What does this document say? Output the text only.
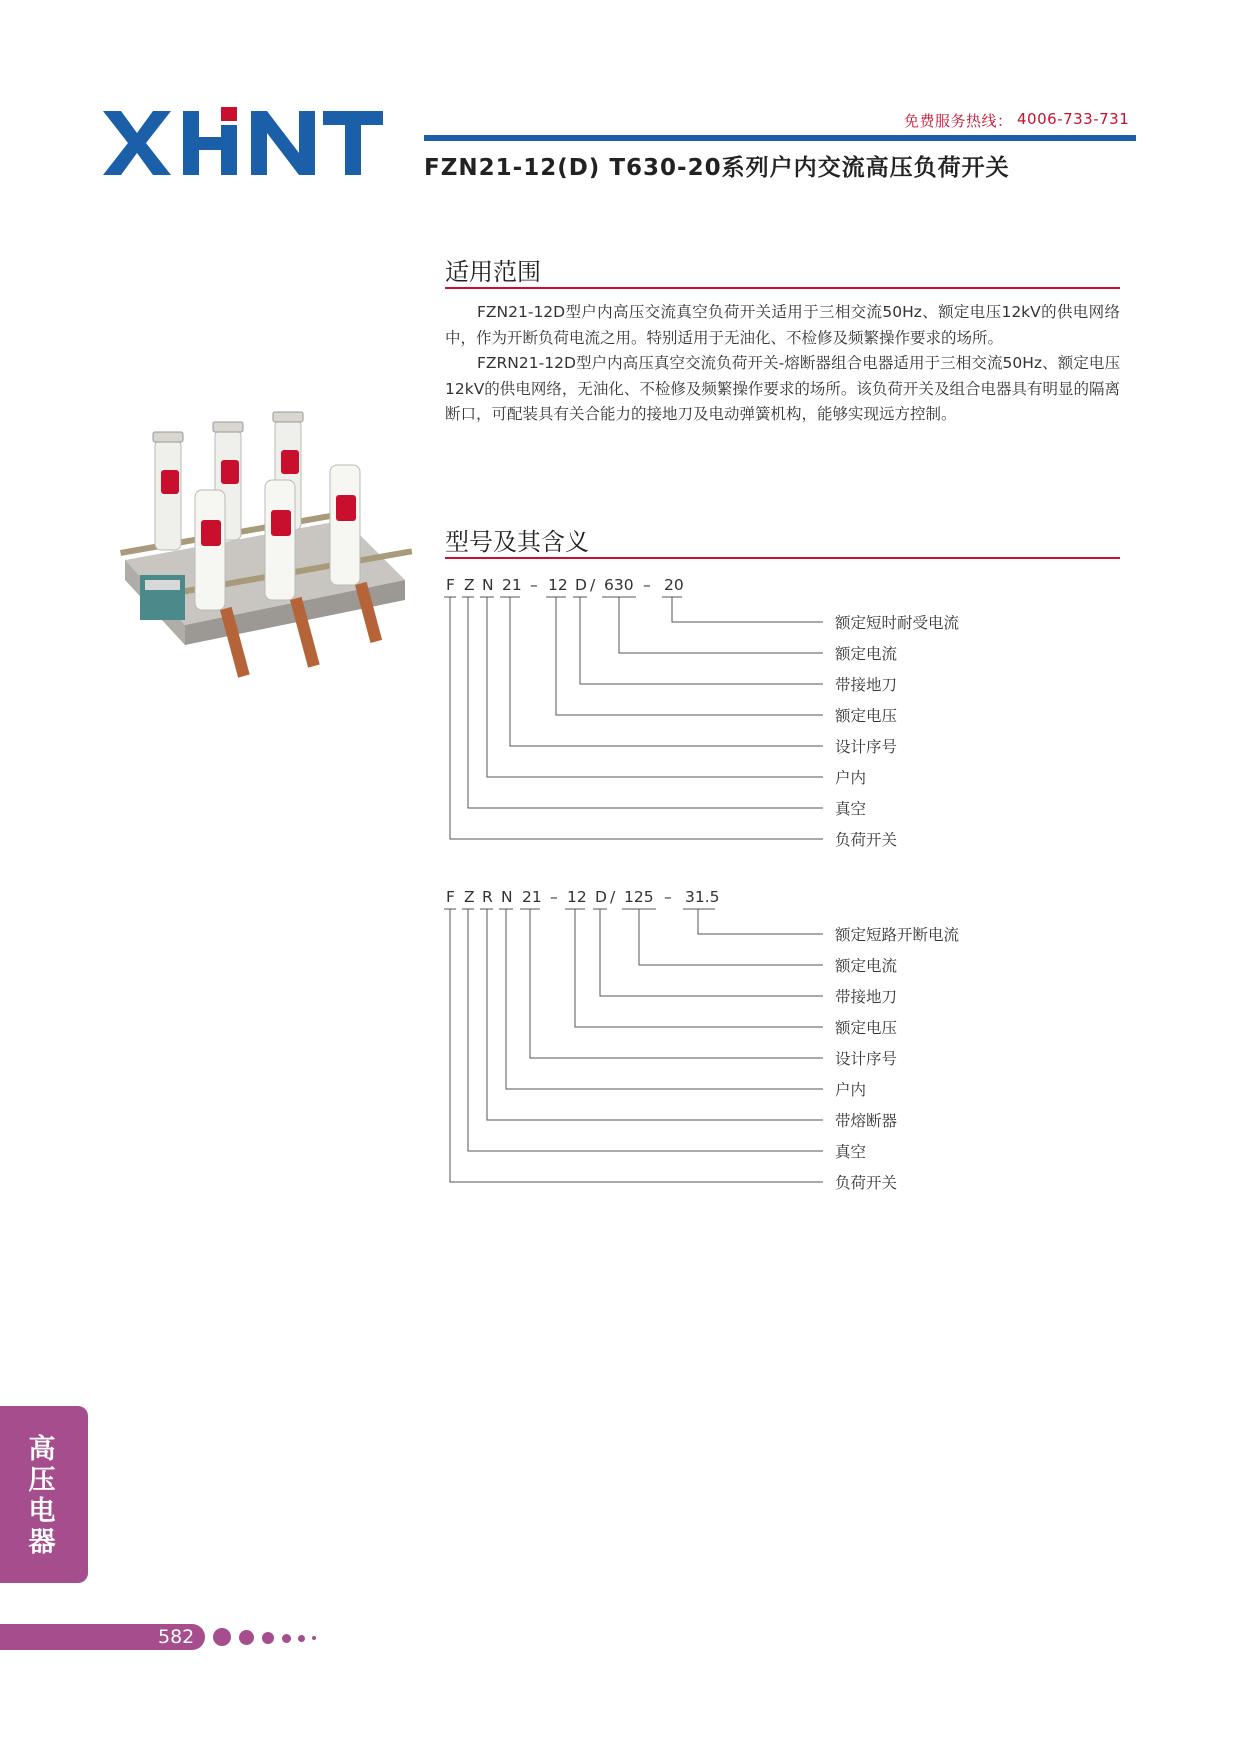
免费服务热线： 4006-733-731
FZN21-12(D) T630-20系列户内交流高压负荷开关
适用范围
FZN21-12D型户内高压交流真空负荷开关适用于三相交流50Hz、额定电压12kV的供电网络中，作为开断负荷电流之用。特别适用于无油化、不检修及频繁操作要求的场所。
FZRN21-12D型户内高压真空交流负荷开关-熔断器组合电器适用于三相交流50Hz、额定电压12kV的供电网络，无油化、不检修及频繁操作要求的场所。该负荷开关及组合电器具有明显的隔离断口，可配装具有关合能力的接地刀及电动弹簧机构，能够实现远方控制。
型号及其含义
F Z N 21 – 12 D / 630 – 20
额定短时耐受电流
额定电流
带接地刀
额定电压
设计序号
户内
真空
负荷开关
F Z R N 21 – 12 D / 125 – 31.5
额定短路开断电流
额定电流
带接地刀
额定电压
设计序号
户内
带熔断器
真空
负荷开关
高
压
电
器
582
